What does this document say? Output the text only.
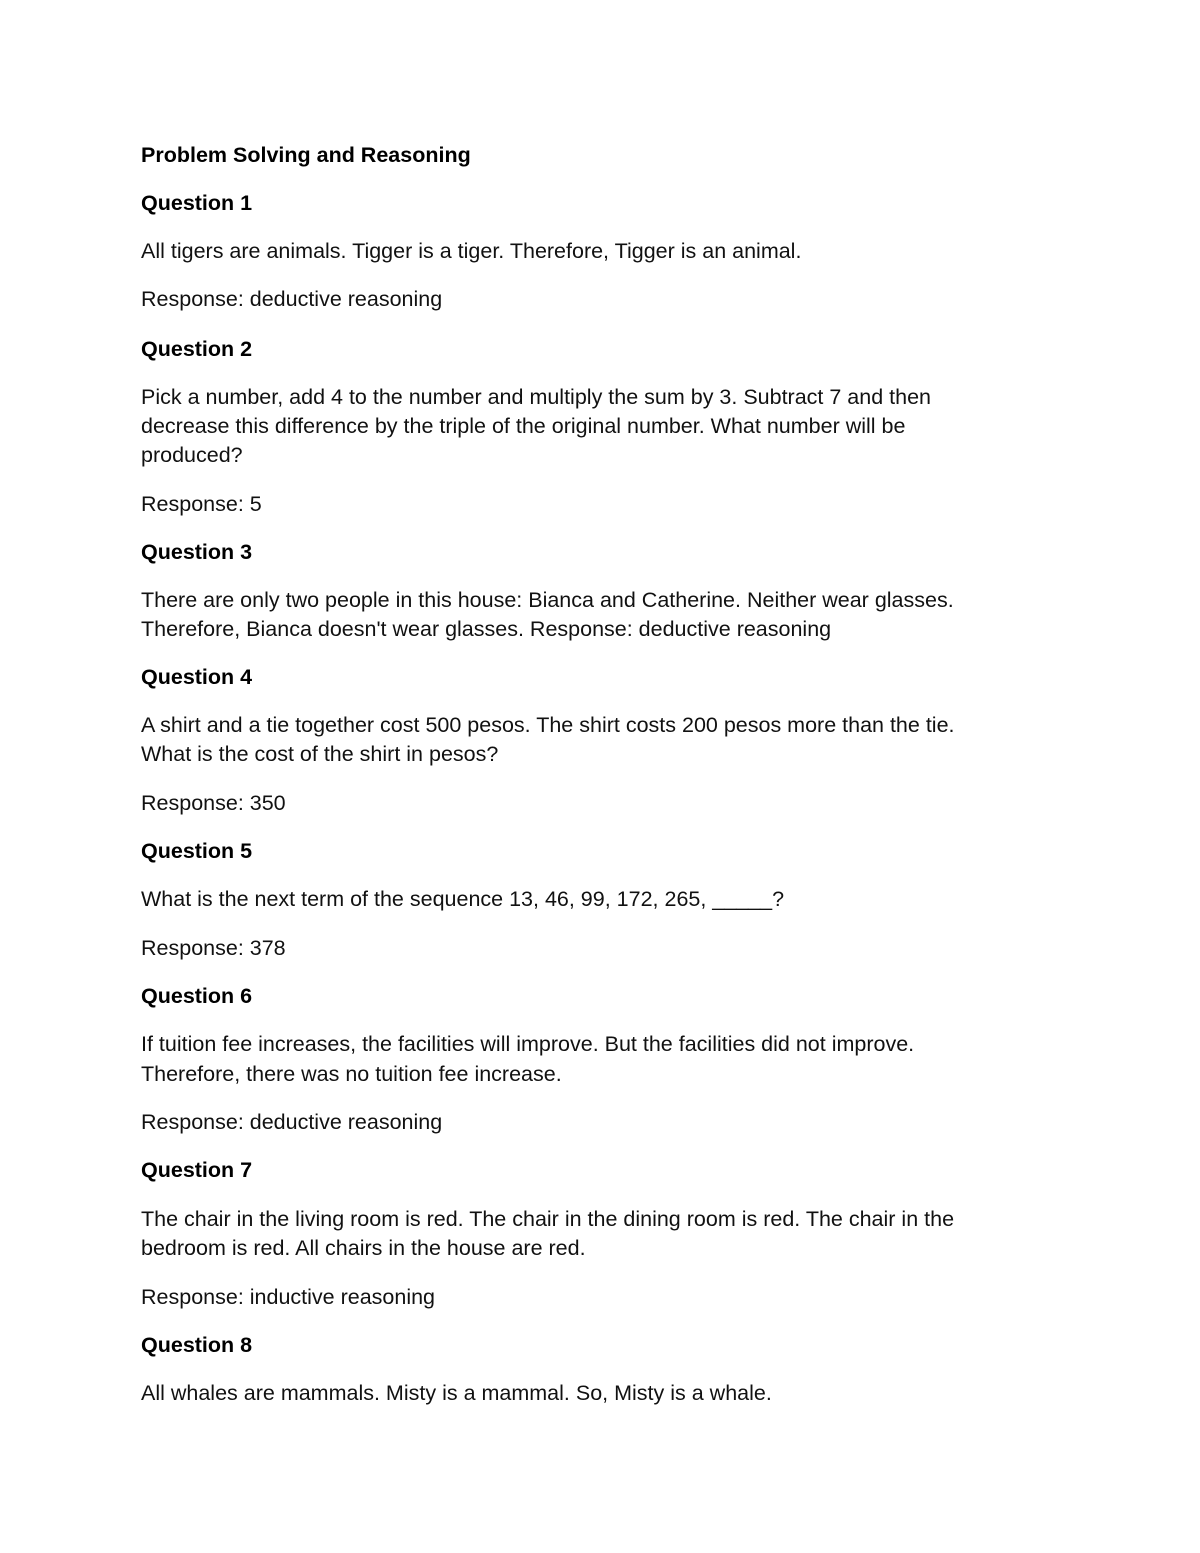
Problem Solving and Reasoning
Question 1
All tigers are animals. Tigger is a tiger. Therefore, Tigger is an animal.
Response: deductive reasoning
Question 2
Pick a number, add 4 to the number and multiply the sum by 3. Subtract 7 and then
decrease this difference by the triple of the original number. What number will be
produced?
Response: 5
Question 3
There are only two people in this house: Bianca and Catherine. Neither wear glasses.
Therefore, Bianca doesn't wear glasses. Response: deductive reasoning
Question 4
A shirt and a tie together cost 500 pesos. The shirt costs 200 pesos more than the tie.
What is the cost of the shirt in pesos?
Response: 350
Question 5
What is the next term of the sequence 13, 46, 99, 172, 265, _____?
Response: 378
Question 6
If tuition fee increases, the facilities will improve. But the facilities did not improve.
Therefore, there was no tuition fee increase.
Response: deductive reasoning
Question 7
The chair in the living room is red. The chair in the dining room is red. The chair in the
bedroom is red. All chairs in the house are red.
Response: inductive reasoning
Question 8
All whales are mammals. Misty is a mammal. So, Misty is a whale.
